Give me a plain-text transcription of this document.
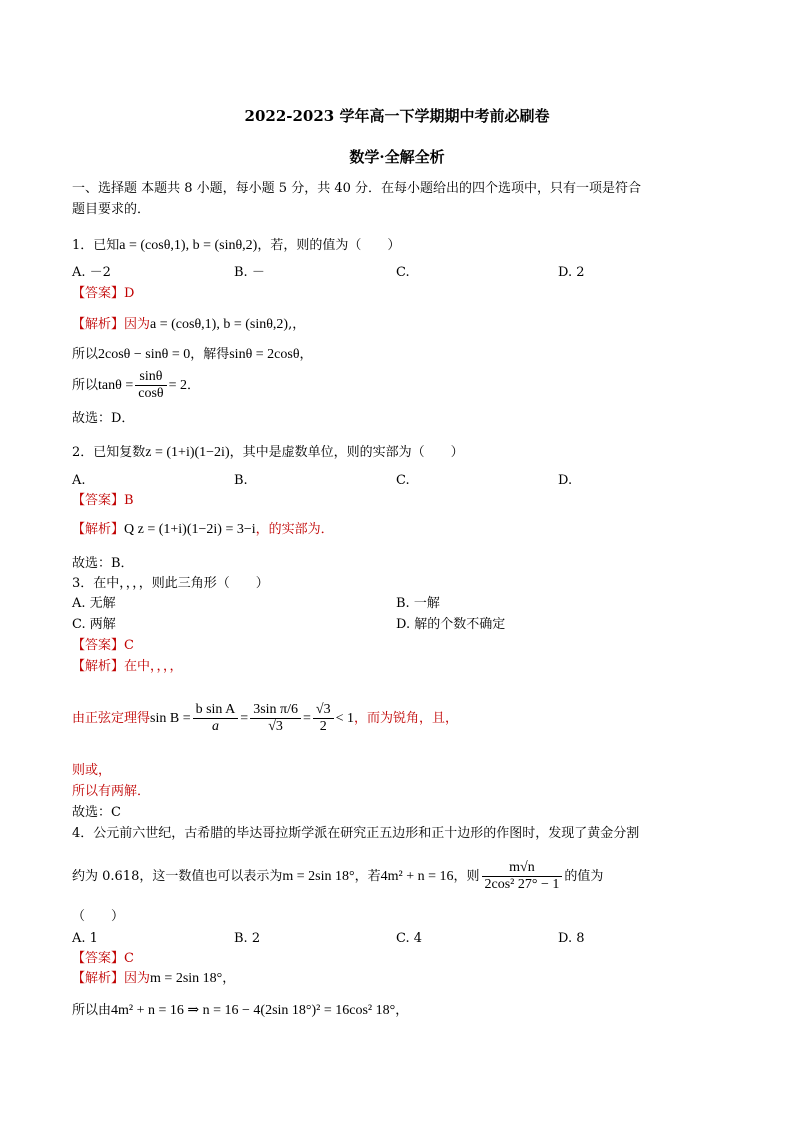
2022-2023 学年高一下学期期中考前必刷卷
数学·全解全析
一、选择题 本题共 8 小题，每小题 5 分，共 40 分．在每小题给出的四个选项中，只有一项是符合
题目要求的．
1．已知a = (cosθ,1), b = (sinθ,2)，若，则的值为（　　）
A. －2	B. －	C.	D. 2
【答案】D
【解析】因为a = (cosθ,1), b = (sinθ,2),，
所以2cosθ − sinθ = 0，解得sinθ = 2cosθ，
所以$\tan\theta = \frac{\sin\theta}{\cos\theta} = 2$．
故选：D．
2．已知复数z = (1+i)(1−2i)，其中是虚数单位，则的实部为（　　）
A.	B.	C.	D.
【答案】B
【解析】Q z = (1+i)(1−2i) = 3−i，的实部为．
故选：B．
3．在中，，，，则此三角形（　　）
A. 无解	B. 一解
C. 两解	D. 解的个数不确定
【答案】C
【解析】在中，，，，
由正弦定理得$\sin B = \frac{\text{b sin A}}{a} = \frac{\text{3sin π/6}}{√3} = \frac{√3}{2} < 1$，而为锐角，且，
则或，
所以有两解．
故选：C
4．公元前六世纪，古希腊的毕达哥拉斯学派在研究正五边形和正十边形的作图时，发现了黄金分割
约为 0.618，这一数值也可以表示为m = 2sin 18°，若4m² + n = 16，则 $\frac{m√n}{\text{2cos² 27° − 1}}$ 的值为
（　　）
A. 1	B. 2	C. 4	D. 8
【答案】C
【解析】因为m = 2sin 18°，
所以由4m² + n = 16 ⇒ n = 16 − 4(2sin 18°)² = 16cos² 18°，
